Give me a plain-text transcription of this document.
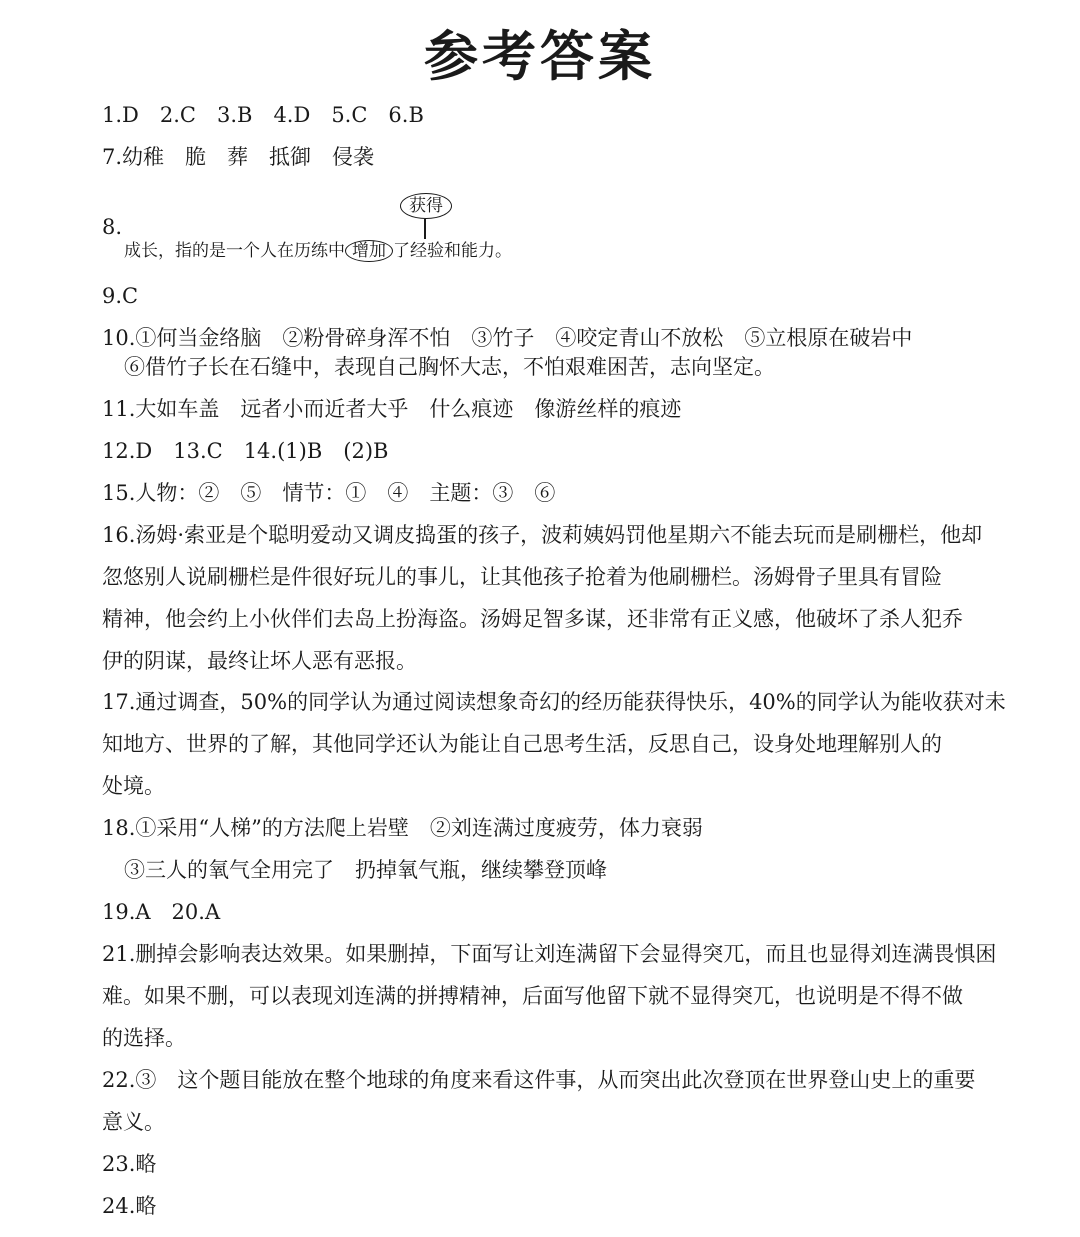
参考答案
1.D　2.C　3.B　4.D　5.C　6.B
7.幼稚　脆　葬　抵御　侵袭
8.
获得
成长，指的是一个人在历练中 增加 了经验和能力。
9.C
10.①何当金络脑　②粉骨碎身浑不怕　③竹子　④咬定青山不放松　⑤立根原在破岩中
⑥借竹子长在石缝中，表现自己胸怀大志，不怕艰难困苦，志向坚定。
11.大如车盖　远者小而近者大乎　什么痕迹　像游丝样的痕迹
12.D　13.C　14.(1)B　(2)B
15.人物：②　⑤　情节：①　④　主题：③　⑥
16.汤姆·索亚是个聪明爱动又调皮捣蛋的孩子，波莉姨妈罚他星期六不能去玩而是刷栅栏，他却
忽悠别人说刷栅栏是件很好玩儿的事儿，让其他孩子抢着为他刷栅栏。汤姆骨子里具有冒险
精神，他会约上小伙伴们去岛上扮海盗。汤姆足智多谋，还非常有正义感，他破坏了杀人犯乔
伊的阴谋，最终让坏人恶有恶报。
17.通过调查，50%的同学认为通过阅读想象奇幻的经历能获得快乐，40%的同学认为能收获对未
知地方、世界的了解，其他同学还认为能让自己思考生活，反思自己，设身处地理解别人的
处境。
18.①采用“人梯”的方法爬上岩壁　②刘连满过度疲劳，体力衰弱
③三人的氧气全用完了　扔掉氧气瓶，继续攀登顶峰
19.A　20.A
21.删掉会影响表达效果。如果删掉，下面写让刘连满留下会显得突兀，而且也显得刘连满畏惧困
难。如果不删，可以表现刘连满的拼搏精神，后面写他留下就不显得突兀，也说明是不得不做
的选择。
22.③　这个题目能放在整个地球的角度来看这件事，从而突出此次登顶在世界登山史上的重要
意义。
23.略
24.略
